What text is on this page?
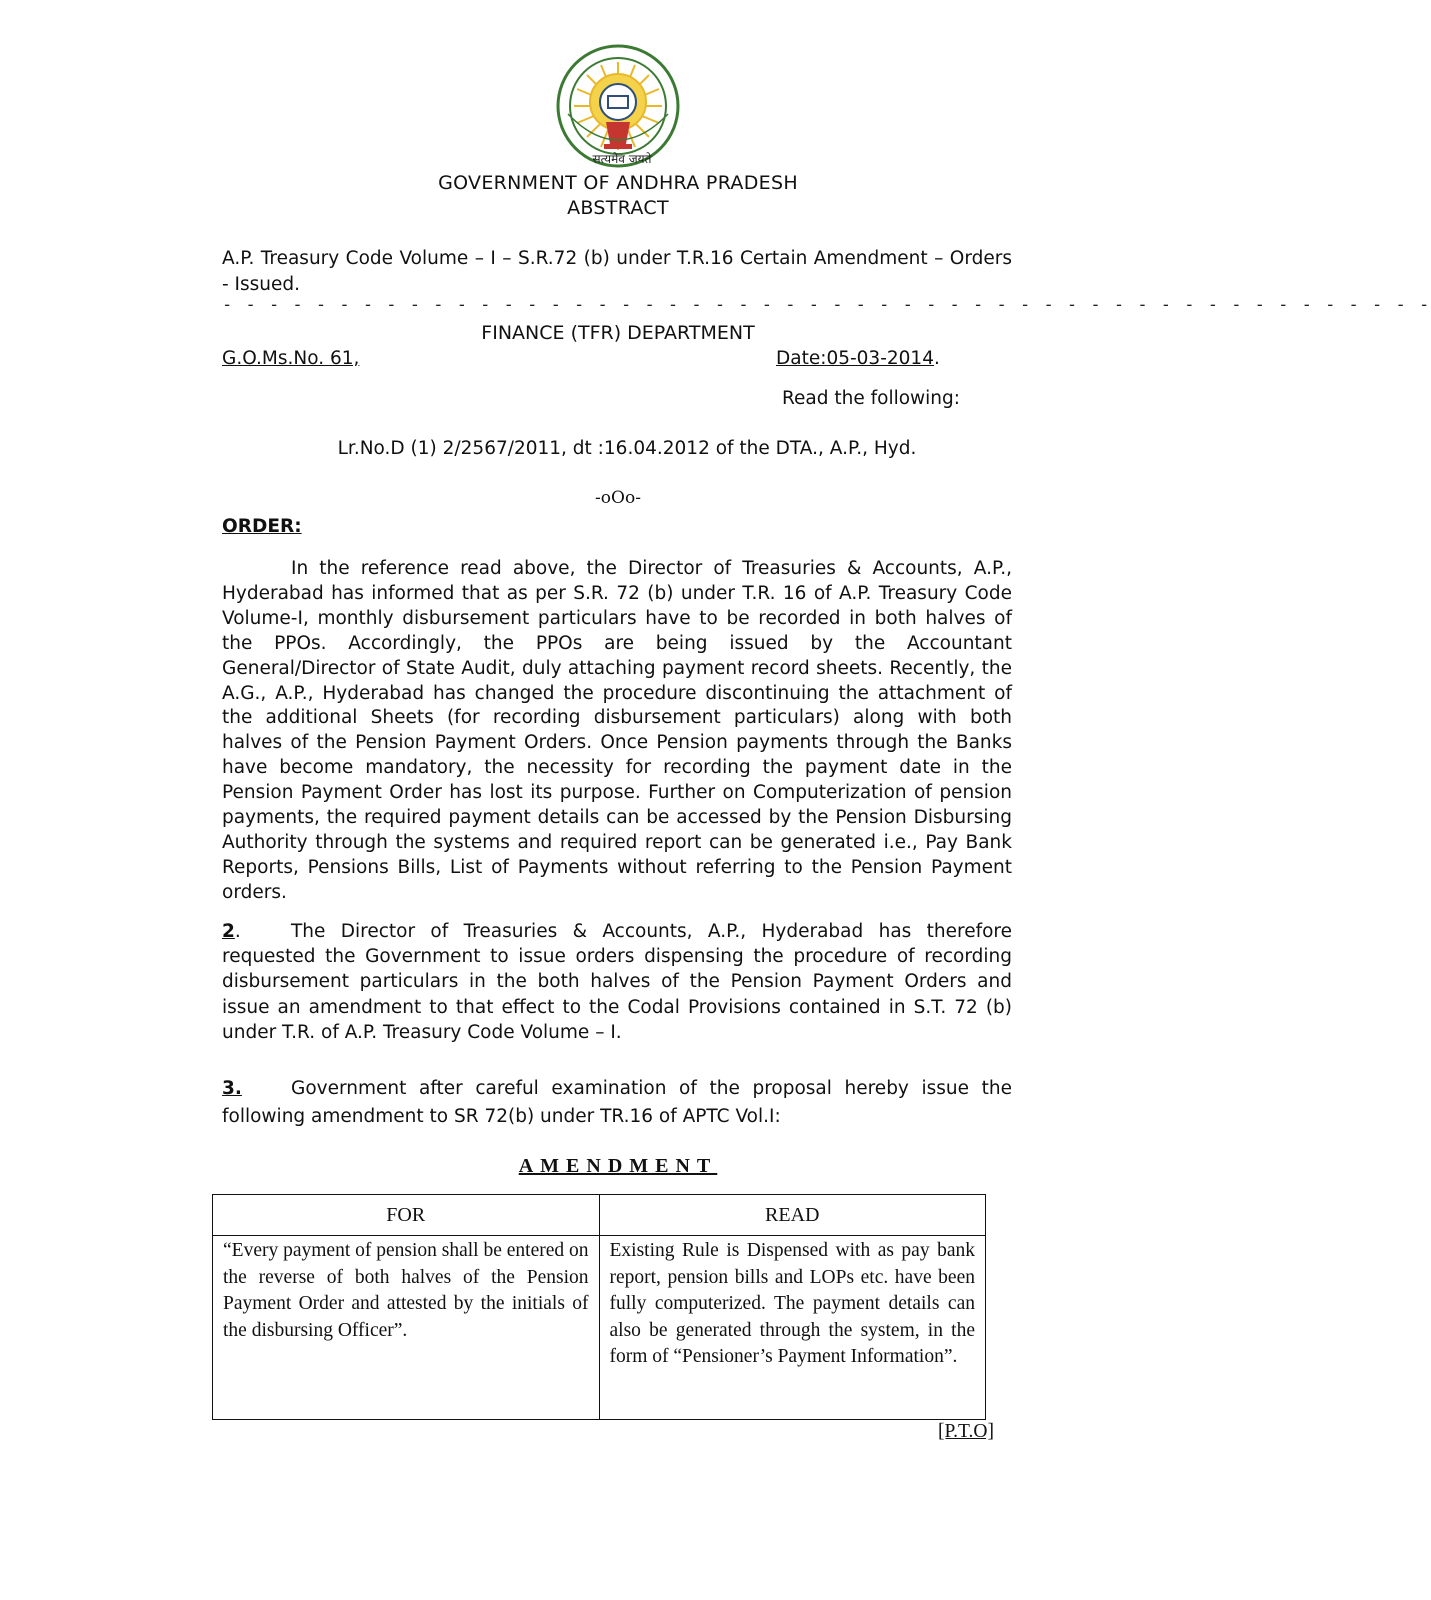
सत्यमेव जयते
GOVERNMENT OF ANDHRA PRADESH
ABSTRACT
A.P. Treasury Code Volume – I – S.R.72 (b) under T.R.16 Certain Amendment – Orders - Issued.
- - - - - - - - - - - - - - - - - - - - - - - - - - - - - - - - - - - - - - - - - - - - - - - - - - - -
FINANCE (TFR) DEPARTMENT
G.O.Ms.No. 61,	Date:05-03-2014.
Read the following:
Lr.No.D (1) 2/2567/2011, dt :16.04.2012 of the DTA., A.P., Hyd.
-oOo-
ORDER:
In the reference read above, the Director of Treasuries & Accounts, A.P., Hyderabad has informed that as per S.R. 72 (b) under T.R. 16 of A.P. Treasury Code Volume-I, monthly disbursement particulars have to be recorded in both halves of the PPOs. Accordingly, the PPOs are being issued by the Accountant General/Director of State Audit, duly attaching payment record sheets. Recently, the A.G., A.P., Hyderabad has changed the procedure discontinuing the attachment of the additional Sheets (for recording disbursement particulars) along with both halves of the Pension Payment Orders. Once Pension payments through the Banks have become mandatory, the necessity for recording the payment date in the Pension Payment Order has lost its purpose. Further on Computerization of pension payments, the required payment details can be accessed by the Pension Disbursing Authority through the systems and required report can be generated i.e., Pay Bank Reports, Pensions Bills, List of Payments without referring to the Pension Payment orders.
2.	The Director of Treasuries & Accounts, A.P., Hyderabad has therefore requested the Government to issue orders dispensing the procedure of recording disbursement particulars in the both halves of the Pension Payment Orders and issue an amendment to that effect to the Codal Provisions contained in S.T. 72 (b) under T.R. of A.P. Treasury Code Volume – I.
3.	Government after careful examination of the proposal hereby issue the following amendment to SR 72(b) under TR.16 of APTC Vol.I:
AMENDMENT
FOR	READ
“Every payment of pension shall be entered on the reverse of both halves of the Pension Payment Order and attested by the initials of the disbursing Officer”.	Existing Rule is Dispensed with as pay bank report, pension bills and LOPs etc. have been fully computerized. The payment details can also be generated through the system, in the form of “Pensioner’s Payment Information”.
[P.T.O]
